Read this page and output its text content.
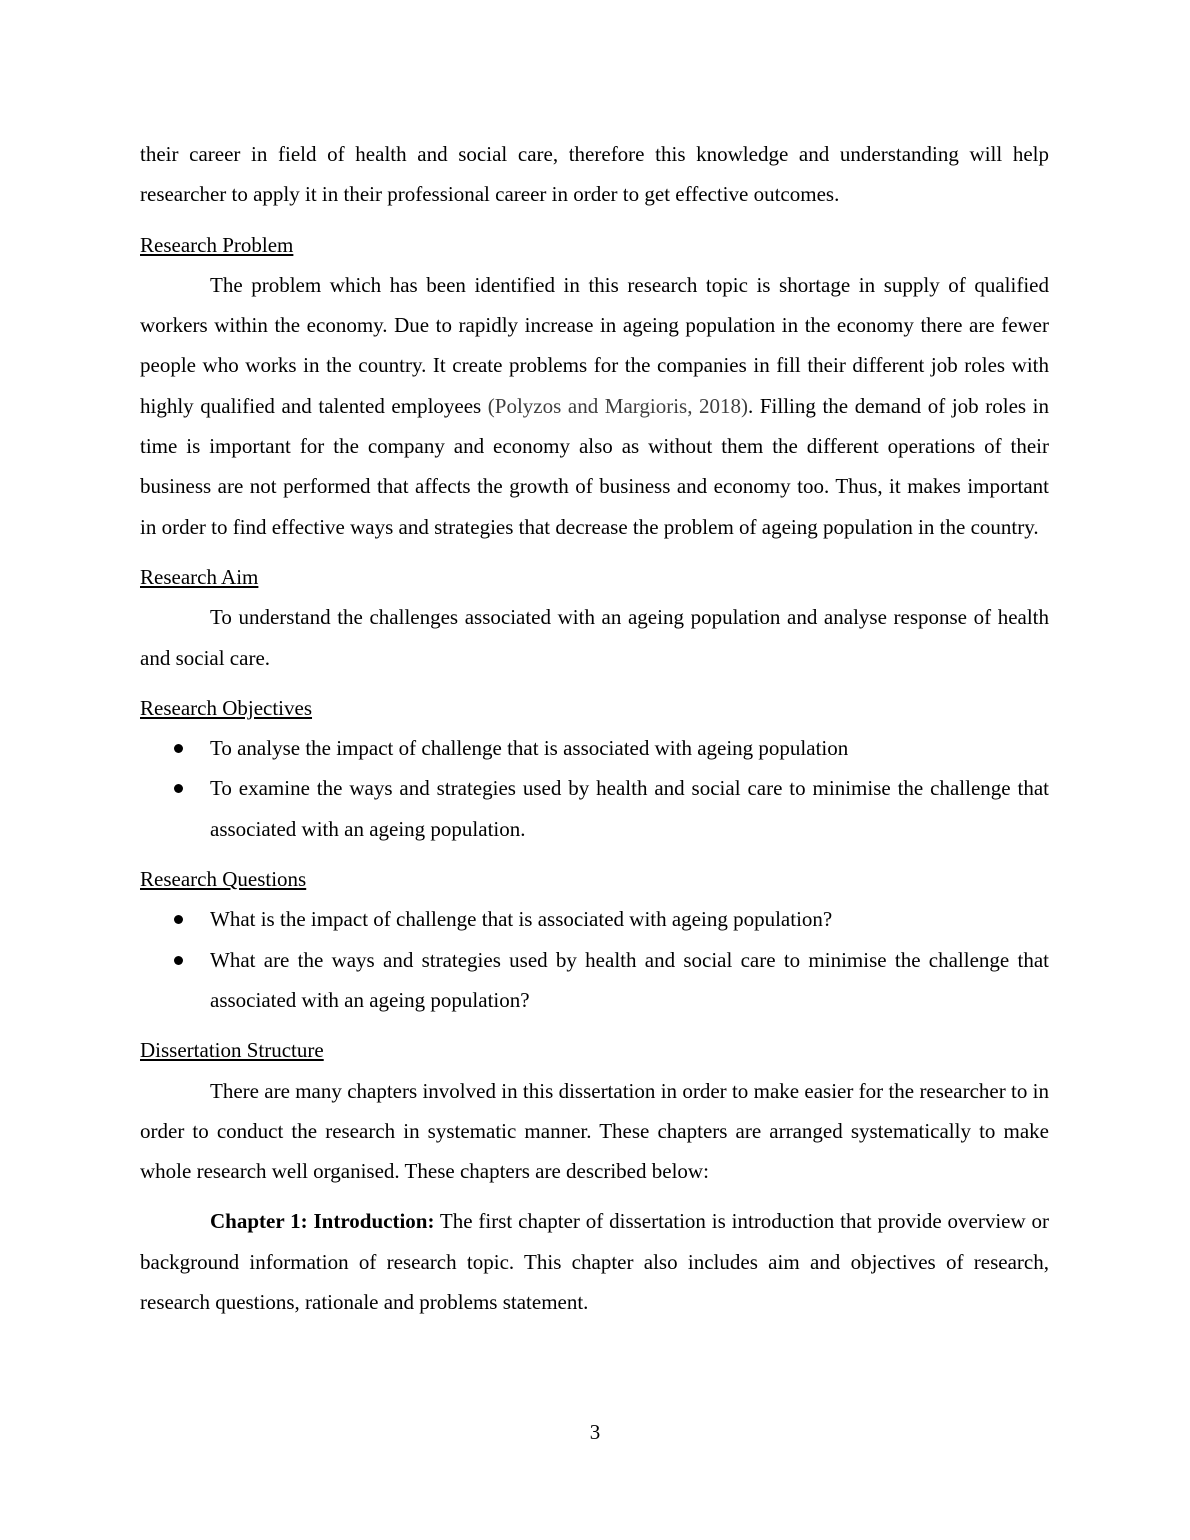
their career in field of health and social care, therefore this knowledge and understanding will help researcher to apply it in their professional career in order to get effective outcomes.

Research Problem

The problem which has been identified in this research topic is shortage in supply of qualified workers within the economy. Due to rapidly increase in ageing population in the economy there are fewer people who works in the country. It create problems for the companies in fill their different job roles with highly qualified and talented employees (Polyzos and Margioris, 2018). Filling the demand of job roles in time is important for the company and economy also as without them the different operations of their business are not performed that affects the growth of business and economy too. Thus, it makes important in order to find effective ways and strategies that decrease the problem of ageing population in the country.

Research Aim

To understand the challenges associated with an ageing population and analyse response of health and social care.

Research Objectives

To analyse the impact of challenge that is associated with ageing population
To examine the ways and strategies used by health and social care to minimise the challenge that associated with an ageing population.

Research Questions

What is the impact of challenge that is associated with ageing population?
What are the ways and strategies used by health and social care to minimise the challenge that associated with an ageing population?

Dissertation Structure

There are many chapters involved in this dissertation in order to make easier for the researcher to in order to conduct the research in systematic manner. These chapters are arranged systematically to make whole research well organised. These chapters are described below:

Chapter 1: Introduction: The first chapter of dissertation is introduction that provide overview or background information of research topic. This chapter also includes aim and objectives of research, research questions, rationale and problems statement.

3
